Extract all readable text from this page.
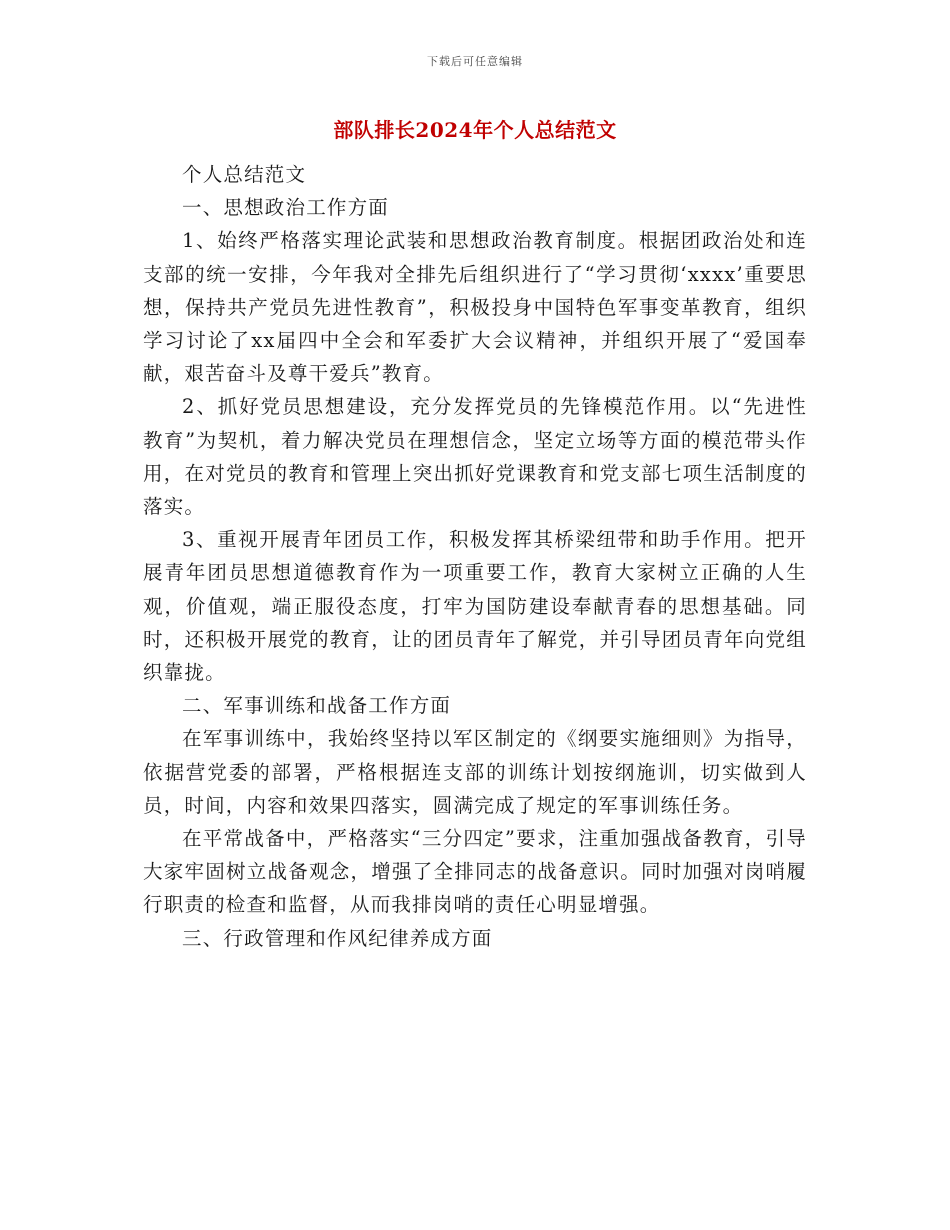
下载后可任意编辑
部队排长2024年个人总结范文

个人总结范文

一、思想政治工作方面

1、始终严格落实理论武装和思想政治教育制度。根据团政治处和连支部的统一安排，今年我对全排先后组织进行了“学习贯彻‘xxxx’重要思想，保持共产党员先进性教育”，积极投身中国特色军事变革教育，组织学习讨论了xx届四中全会和军委扩大会议精神，并组织开展了“爱国奉献，艰苦奋斗及尊干爱兵”教育。

2、抓好党员思想建设，充分发挥党员的先锋模范作用。以“先进性教育”为契机，着力解决党员在理想信念，坚定立场等方面的模范带头作用，在对党员的教育和管理上突出抓好党课教育和党支部七项生活制度的落实。

3、重视开展青年团员工作，积极发挥其桥梁纽带和助手作用。把开展青年团员思想道德教育作为一项重要工作，教育大家树立正确的人生观，价值观，端正服役态度，打牢为国防建设奉献青春的思想基础。同时，还积极开展党的教育，让的团员青年了解党，并引导团员青年向党组织靠拢。

二、军事训练和战备工作方面

在军事训练中，我始终坚持以军区制定的《纲要实施细则》为指导，依据营党委的部署，严格根据连支部的训练计划按纲施训，切实做到人员，时间，内容和效果四落实，圆满完成了规定的军事训练任务。

在平常战备中，严格落实“三分四定”要求，注重加强战备教育，引导大家牢固树立战备观念，增强了全排同志的战备意识。同时加强对岗哨履行职责的检查和监督，从而我排岗哨的责任心明显增强。

三、行政管理和作风纪律养成方面
